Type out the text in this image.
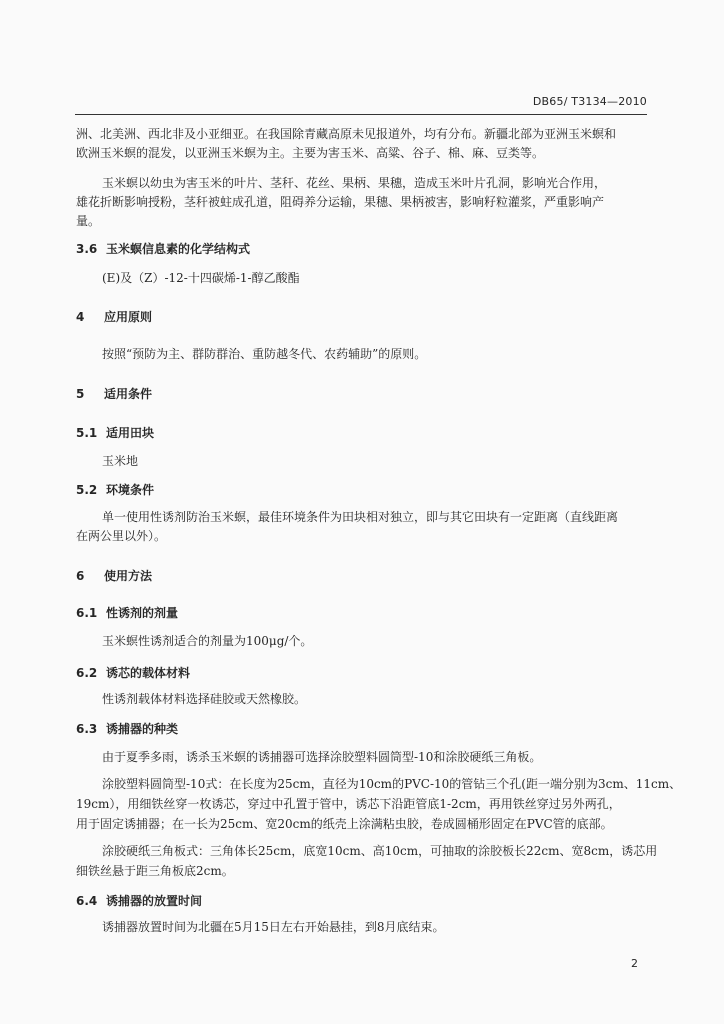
DB65/ T3134—2010

洲、北美洲、西北非及小亚细亚。在我国除青藏高原未见报道外，均有分布。新疆北部为亚洲玉米螟和

欧洲玉米螟的混发，以亚洲玉米螟为主。主要为害玉米、高粱、谷子、棉、麻、豆类等。

玉米螟以幼虫为害玉米的叶片、茎秆、花丝、果柄、果穗，造成玉米叶片孔洞，影响光合作用，

雄花折断影响授粉，茎秆被蛀成孔道，阻碍养分运输，果穗、果柄被害，影响籽粒灌浆，严重影响产

量。

3.6 玉米螟信息素的化学结构式

(E)及（Z）-12-十四碳烯-1-醇乙酸酯

4 应用原则

按照“预防为主、群防群治、重防越冬代、农药辅助”的原则。

5 适用条件
5.1 适用田块

玉米地

5.2 环境条件

单一使用性诱剂防治玉米螟，最佳环境条件为田块相对独立，即与其它田块有一定距离（直线距离

在两公里以外）。

6 使用方法
6.1 性诱剂的剂量

玉米螟性诱剂适合的剂量为100μg/个。

6.2 诱芯的载体材料

性诱剂载体材料选择硅胶或天然橡胶。

6.3 诱捕器的种类

由于夏季多雨，诱杀玉米螟的诱捕器可选择涂胶塑料圆筒型-10和涂胶硬纸三角板。

涂胶塑料圆筒型-10式：在长度为25cm，直径为10cm的PVC-10的管钻三个孔(距一端分别为3cm、11cm、

19cm），用细铁丝穿一枚诱芯，穿过中孔置于管中，诱芯下沿距管底1-2cm，再用铁丝穿过另外两孔，

用于固定诱捕器；在一长为25cm、宽20cm的纸壳上涂满粘虫胶，卷成圆桶形固定在PVC管的底部。

涂胶硬纸三角板式：三角体长25cm，底宽10cm、高10cm，可抽取的涂胶板长22cm、宽8cm，诱芯用

细铁丝悬于距三角板底2cm。

6.4 诱捕器的放置时间

诱捕器放置时间为北疆在5月15日左右开始悬挂，到8月底结束。

2
